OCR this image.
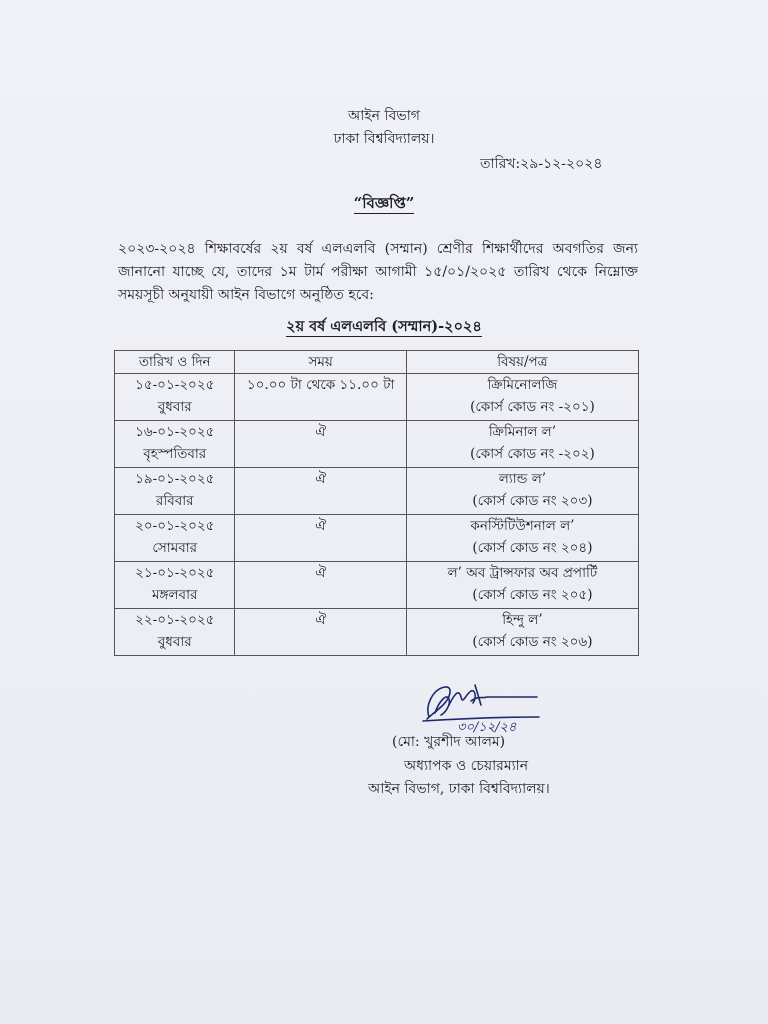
আইন বিভাগ
ঢাকা বিশ্ববিদ্যালয়।
তারিখ:২৯-১২-২০২৪
“বিজ্ঞপ্তি”
২০২৩-২০২৪ শিক্ষাবর্ষের ২য় বর্ষ এলএলবি (সম্মান) শ্রেণীর শিক্ষার্থীদের অবগতির জন্য
জানানো যাচ্ছে যে, তাদের ১ম টার্ম পরীক্ষা আগামী ১৫/০১/২০২৫ তারিখ থেকে নিম্নোক্ত
সময়সূচী অনুযায়ী আইন বিভাগে অনুষ্ঠিত হবে:
২য় বর্ষ এলএলবি (সম্মান)-২০২৪
তারিখ ও দিন	সময়	বিষয়/পত্র

১৫-০১-২০২৫
বুধবার	১০.০০ টা থেকে ১১.০০ টা	ক্রিমিনোলজি
(কোর্স কোড নং -২০১)

১৬-০১-২০২৫
বৃহস্পতিবার	ঐ	ক্রিমিনাল ল’
(কোর্স কোড নং -২০২)

১৯-০১-২০২৫
রবিবার	ঐ	ল্যান্ড ল’
(কোর্স কোড নং ২০৩)

২০-০১-২০২৫
সোমবার	ঐ	কনস্টিটিউশনাল ল’
(কোর্স কোড নং ২০৪)

২১-০১-২০২৫
মঙ্গলবার	ঐ	ল’ অব ট্রান্সফার অব প্রপার্টি
(কোর্স কোড নং ২০৫)

২২-০১-২০২৫
বুধবার	ঐ	হিন্দু ল’
(কোর্স কোড নং ২০৬)
৩০/১২/২৪
(মো: খুরশীদ আলম)
অধ্যাপক ও চেয়ারম্যান
আইন বিভাগ, ঢাকা বিশ্ববিদ্যালয়।
